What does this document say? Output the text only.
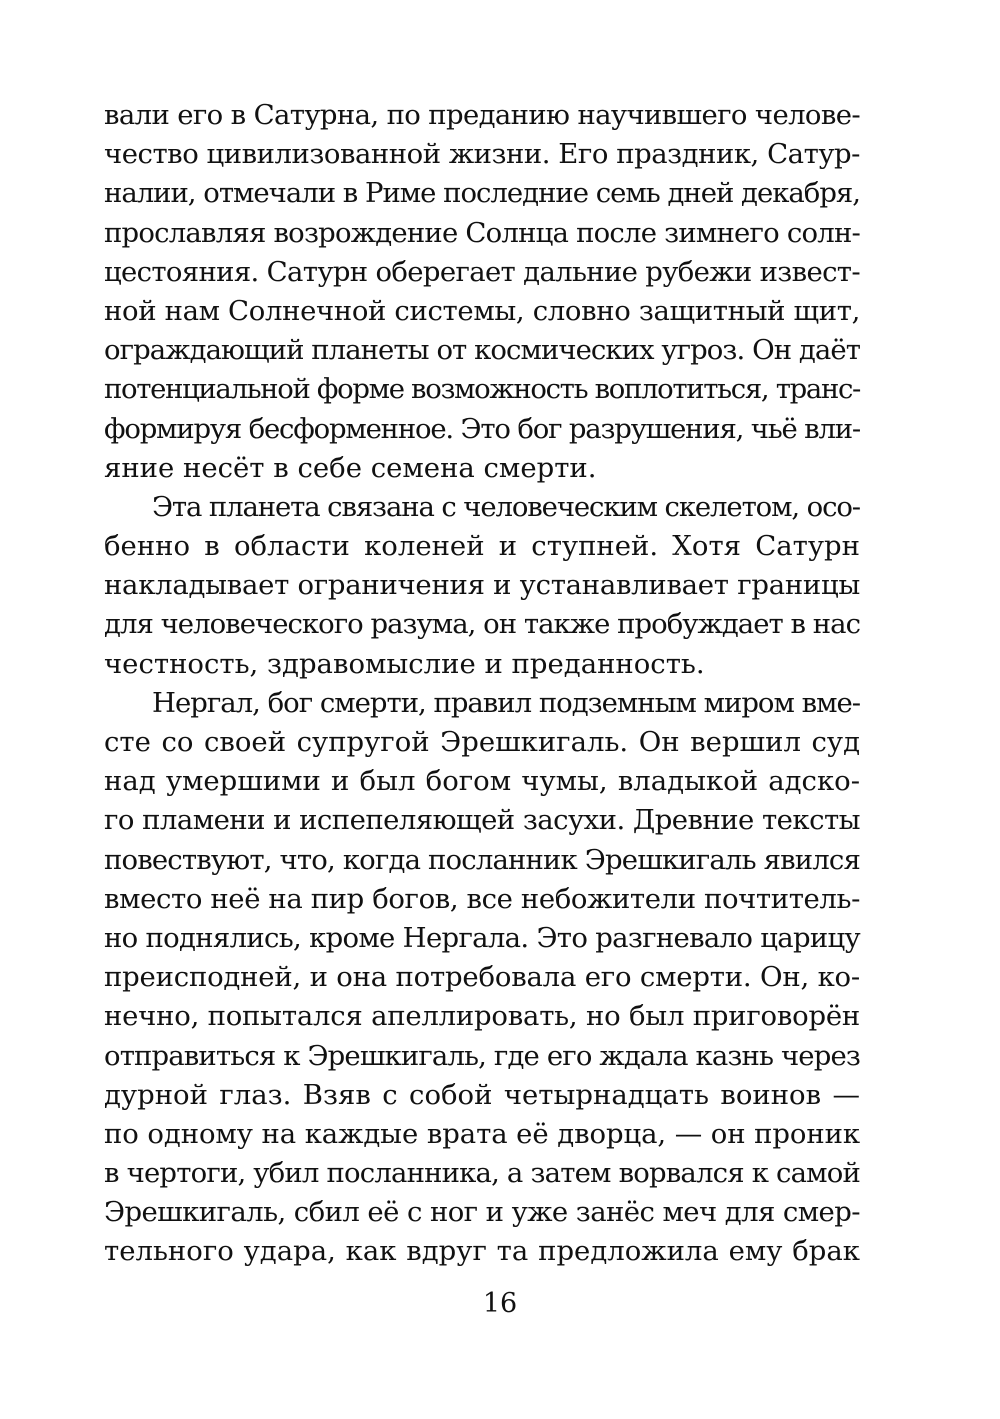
вали его в Сатурна, по преданию научившего челове-
чество цивилизованной жизни. Его праздник, Сатур-
налии, отмечали в Риме последние семь дней декабря,
прославляя возрождение Солнца после зимнего солн-
цестояния. Сатурн оберегает дальние рубежи извест-
ной нам Солнечной системы, словно защитный щит,
ограждающий планеты от космических угроз. Он даёт
потенциальной форме возможность воплотиться, транс-
формируя бесформенное. Это бог разрушения, чьё вли-
яние несёт в себе семена смерти.
Эта планета связана с человеческим скелетом, осо-
бенно в области коленей и ступней. Хотя Сатурн
накладывает ограничения и устанавливает границы
для человеческого разума, он также пробуждает в нас
честность, здравомыслие и преданность.
Нергал, бог смерти, правил подземным миром вме-
сте со своей супругой Эрешкигаль. Он вершил суд
над умершими и был богом чумы, владыкой адско-
го пламени и испепеляющей засухи. Древние тексты
повествуют, что, когда посланник Эрешкигаль явился
вместо неё на пир богов, все небожители почтитель-
но поднялись, кроме Нергала. Это разгневало царицу
преисподней, и она потребовала его смерти. Он, ко-
нечно, попытался апеллировать, но был приговорён
отправиться к Эрешкигаль, где его ждала казнь через
дурной глаз. Взяв с собой четырнадцать воинов —
по одному на каждые врата её дворца, — он проник
в чертоги, убил посланника, а затем ворвался к самой
Эрешкигаль, сбил её с ног и уже занёс меч для смер-
тельного удара, как вдруг та предложила ему брак
16
